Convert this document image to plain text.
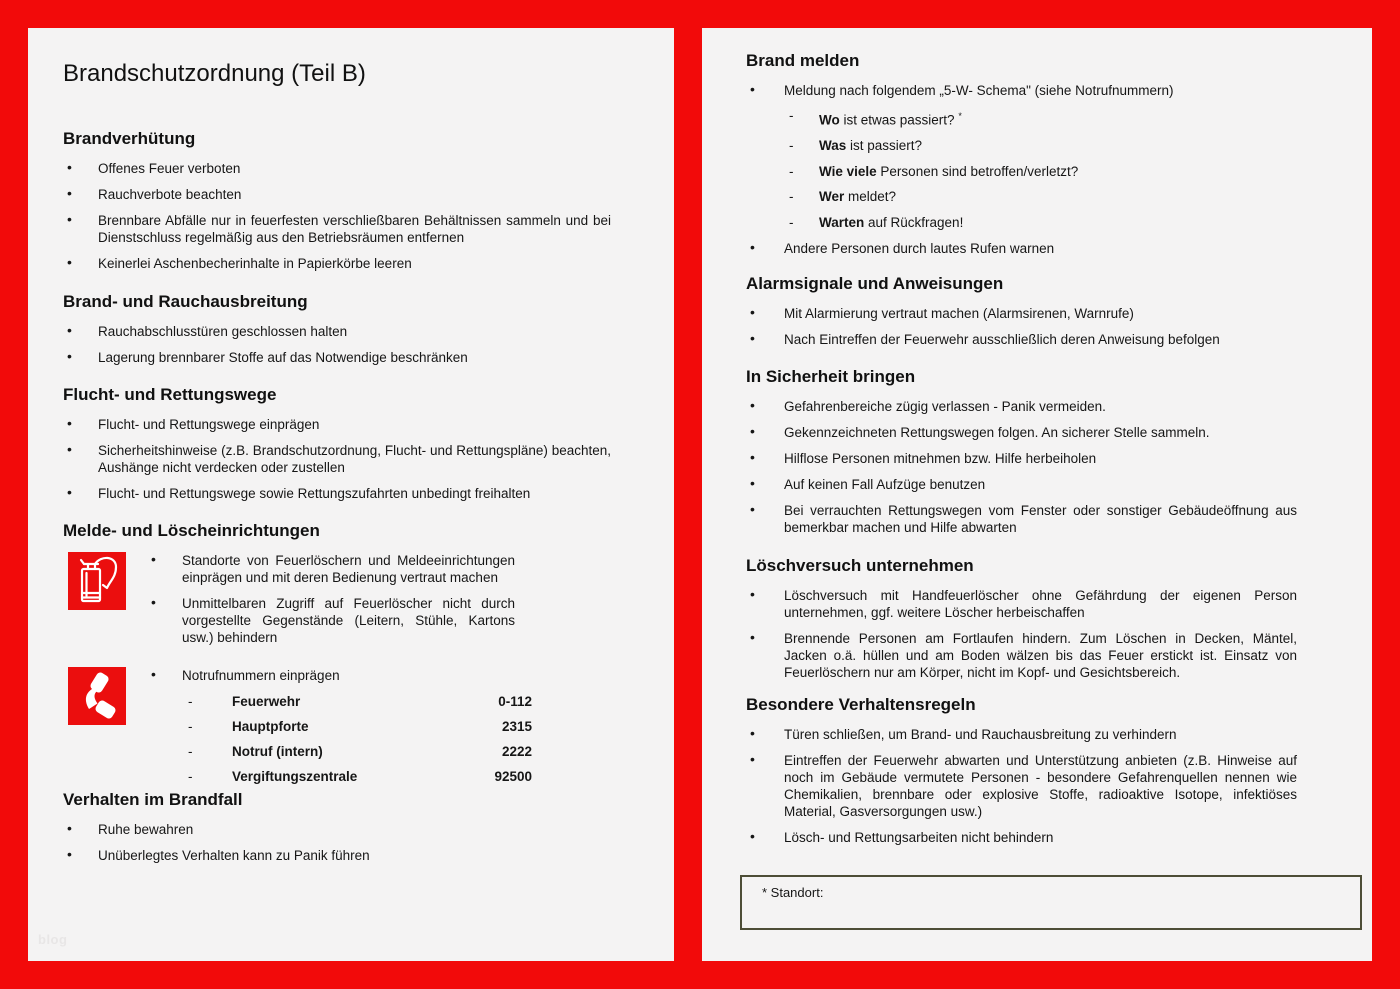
Brandschutzordnung (Teil B)
Brandverhütung
• Offenes Feuer verboten
• Rauchverbote beachten
• Brennbare Abfälle nur in feuerfesten verschließbaren Behältnissen sammeln und bei Dienstschluss regelmäßig aus den Betriebsräumen entfernen
• Keinerlei Aschenbecherinhalte in Papierkörbe leeren
Brand- und Rauchausbreitung
• Rauchabschlusstüren geschlossen halten
• Lagerung brennbarer Stoffe auf das Notwendige beschränken
Flucht- und Rettungswege
• Flucht- und Rettungswege einprägen
• Sicherheitshinweise (z.B. Brandschutzordnung, Flucht- und Rettungspläne) beachten, Aushänge nicht verdecken oder zustellen
• Flucht- und Rettungswege sowie Rettungszufahrten unbedingt freihalten
Melde- und Löscheinrichtungen
• Standorte von Feuerlöschern und Meldeeinrichtungen einprägen und mit deren Bedienung vertraut machen
• Unmittelbaren Zugriff auf Feuerlöscher nicht durch vorgestellte Gegenstände (Leitern, Stühle, Kartons usw.) behindern
• Notrufnummern einprägen
-
Feuerwehr	0-112
-
Hauptpforte	2315
-
Notruf (intern)	2222
-
Vergiftungszentrale	92500
Verhalten im Brandfall
• Ruhe bewahren
• Unüberlegtes Verhalten kann zu Panik führen
blog
Brand melden
• Meldung nach folgendem „5-W- Schema" (siehe Notrufnummern)
-
Wo ist etwas passiert? *
-
Was ist passiert?
-
Wie viele Personen sind betroffen/verletzt?
-
Wer meldet?
-
Warten auf Rückfragen!
• Andere Personen durch lautes Rufen warnen
Alarmsignale und Anweisungen
• Mit Alarmierung vertraut machen (Alarmsirenen, Warnrufe)
• Nach Eintreffen der Feuerwehr ausschließlich deren Anweisung befolgen
In Sicherheit bringen
• Gefahrenbereiche zügig verlassen - Panik vermeiden.
• Gekennzeichneten Rettungswegen folgen. An sicherer Stelle sammeln.
• Hilflose Personen mitnehmen bzw. Hilfe herbeiholen
• Auf keinen Fall Aufzüge benutzen
• Bei verrauchten Rettungswegen vom Fenster oder sonstiger Gebäudeöffnung aus bemerkbar machen und Hilfe abwarten
Löschversuch unternehmen
• Löschversuch mit Handfeuerlöscher ohne Gefährdung der eigenen Person unternehmen, ggf. weitere Löscher herbeischaffen
• Brennende Personen am Fortlaufen hindern. Zum Löschen in Decken, Mäntel, Jacken o.ä. hüllen und am Boden wälzen bis das Feuer erstickt ist. Einsatz von Feuerlöschern nur am Körper, nicht im Kopf- und Gesichtsbereich.
Besondere Verhaltensregeln
• Türen schließen, um Brand- und Rauchausbreitung zu verhindern
• Eintreffen der Feuerwehr abwarten und Unterstützung anbieten (z.B. Hinweise auf noch im Gebäude vermutete Personen - besondere Gefahrenquellen nennen wie Chemikalien, brennbare oder explosive Stoffe, radioaktive Isotope, infektiöses Material, Gasversorgungen usw.)
• Lösch- und Rettungsarbeiten nicht behindern
* Standort:
